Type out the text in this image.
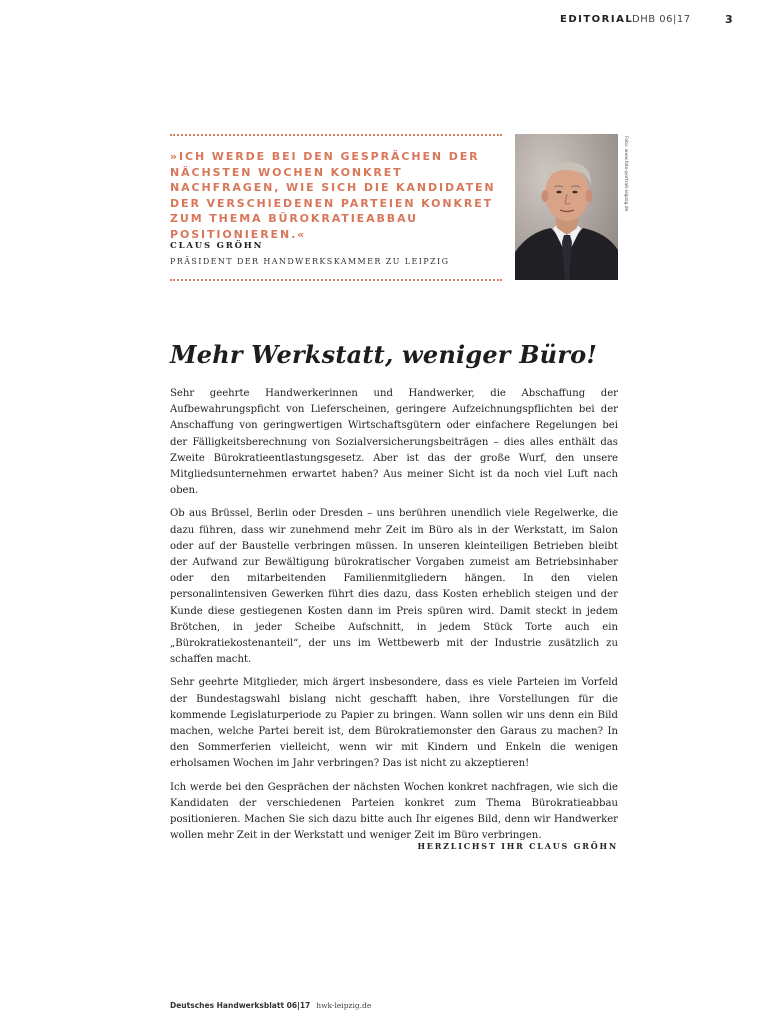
EDITORIAL
DHB 06|17	3

»ICH WERDE BEI DEN GESPRÄCHEN DER NÄCHSTEN WOCHEN KONKRET NACHFRAGEN, WIE SICH DIE KANDIDATEN DER VERSCHIEDENEN PARTEIEN KONKRET ZUM THEMA BÜROKRATIEABBAU POSITIONIEREN.«

CLAUS GRÖHN
PRÄSIDENT DER HANDWERKSKAMMER ZU LEIPZIG
Foto: www.foto-portrait-leipzig.de
Mehr Werkstatt, weniger Büro!

Sehr geehrte Handwerkerinnen und Handwerker, die Abschaffung der Aufbewahrungspficht von Lieferscheinen, geringere Aufzeichnungspflichten bei der Anschaffung von geringwertigen Wirtschaftsgütern oder einfachere Regelungen bei der Fälligkeitsberechnung von Sozialversicherungsbeiträgen – dies alles enthält das Zweite Bürokratieentlastungsgesetz. Aber ist das der große Wurf, den unsere Mitgliedsunternehmen erwartet haben? Aus meiner Sicht ist da noch viel Luft nach oben.

Ob aus Brüssel, Berlin oder Dresden – uns berühren unendlich viele Regelwerke, die dazu führen, dass wir zunehmend mehr Zeit im Büro als in der Werkstatt, im Salon oder auf der Baustelle verbringen müssen. In unseren kleinteiligen Betrieben bleibt der Aufwand zur Bewältigung bürokratischer Vorgaben zumeist am Betriebsinhaber oder den mitarbeitenden Familienmitgliedern hängen. In den vielen personalintensiven Gewerken führt dies dazu, dass Kosten erheblich steigen und der Kunde diese gestiegenen Kosten dann im Preis spüren wird. Damit steckt in jedem Brötchen, in jeder Scheibe Aufschnitt, in jedem Stück Torte auch ein „Bürokratiekostenanteil“, der uns im Wettbewerb mit der Industrie zusätzlich zu schaffen macht.

Sehr geehrte Mitglieder, mich ärgert insbesondere, dass es viele Parteien im Vorfeld der Bundestagswahl bislang nicht geschafft haben, ihre Vorstellungen für die kommende Legislaturperiode zu Papier zu bringen. Wann sollen wir uns denn ein Bild machen, welche Partei bereit ist, dem Bürokratiemonster den Garaus zu machen? In den Sommerferien vielleicht, wenn wir mit Kindern und Enkeln die wenigen erholsamen Wochen im Jahr verbringen? Das ist nicht zu akzeptieren!

Ich werde bei den Gesprächen der nächsten Wochen konkret nachfragen, wie sich die Kandidaten der verschiedenen Parteien konkret zum Thema Bürokratieabbau positionieren. Machen Sie sich dazu bitte auch Ihr eigenes Bild, denn wir Handwerker wollen mehr Zeit in der Werkstatt und weniger Zeit im Büro verbringen.

HERZLICHST IHR CLAUS GRÖHN
Deutsches Handwerksblatt 06|17 hwk-leipzig.de
